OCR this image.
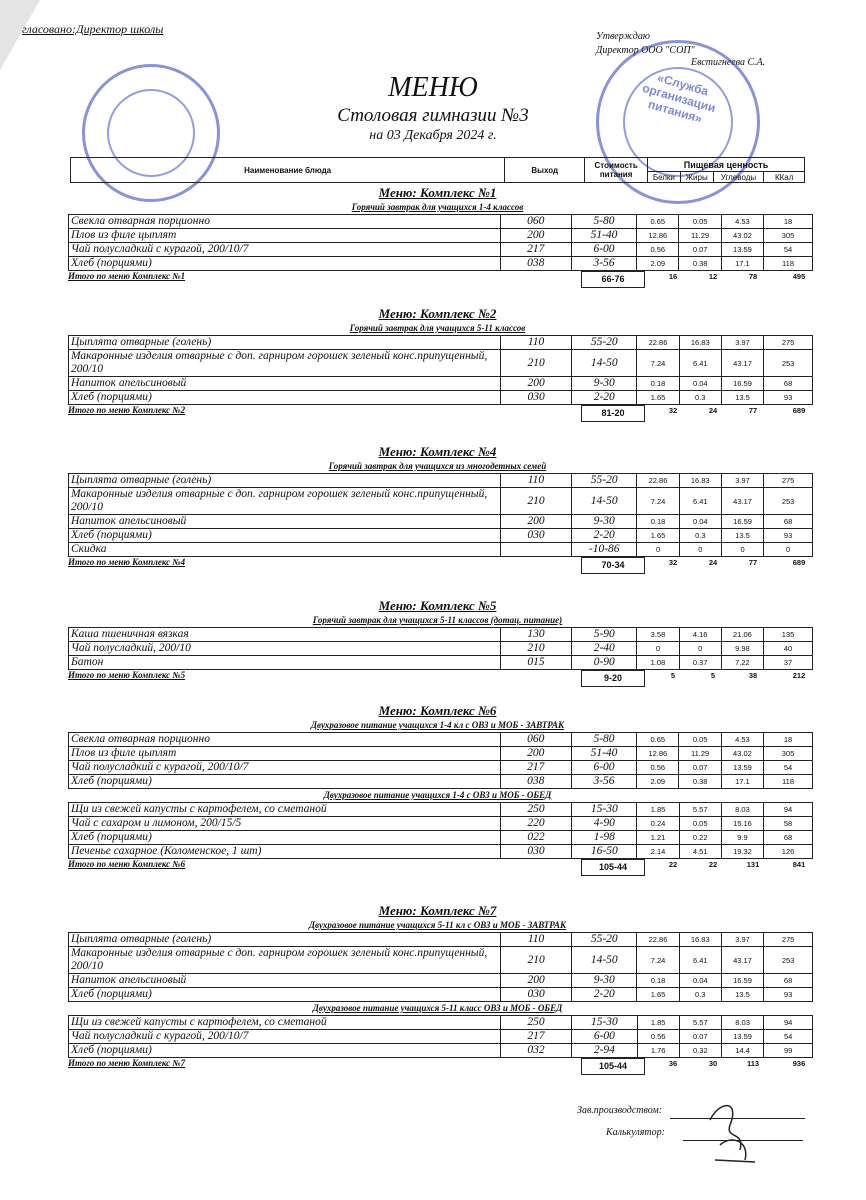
гласовано:Директор школы
Утверждаю
Директор ООО "СОП"
Евстигнеева С.А.
«Служба организации питания»
МЕНЮ
Столовая гимназии №3
на 03 Декабря 2024 г.
Наименование блюда	Выход	Стоимость питания	Пищевая ценность			
			Белки	Жиры	Углеводы	ККал
Меню: Комплекс №1
Горячий завтрак для учащихся 1-4 классов
Свекла отварная порционно	060	5-80	0.65	0.05	4.53	18
Плов из филе цыплят	200	51-40	12.86	11.29	43.02	305
Чай полусладкий с курагой, 200/10/7	217	6-00	0.56	0.07	13.59	54
Хлеб (порциями)	038	3-56	2.09	0.38	17.1	118
Итого по меню Комплекс №1	66-76	16	12	78	495
Меню: Комплекс №2
Горячий завтрак для учащихся 5-11 классов
Цыплята отварные (голень)	110	55-20	22.86	16.83	3.97	275
Макаронные изделия отварные с доп. гарниром горошек зеленый конс.припущенный, 200/10	210	14-50	7.24	6.41	43.17	253
Напиток апельсиновый	200	9-30	0.18	0.04	16.59	68
Хлеб (порциями)	030	2-20	1.65	0.3	13.5	93
Итого по меню Комплекс №2	81-20	32	24	77	689
Меню: Комплекс №4
Горячий завтрак для учащихся из многодетных семей
Цыплята отварные (голень)	110	55-20	22.86	16.83	3.97	275
Макаронные изделия отварные с доп. гарниром горошек зеленый конс.припущенный, 200/10	210	14-50	7.24	6.41	43.17	253
Напиток апельсиновый	200	9-30	0.18	0.04	16.59	68
Хлеб (порциями)	030	2-20	1.65	0.3	13.5	93
Скидка		-10-86	0	0	0	0
Итого по меню Комплекс №4	70-34	32	24	77	689
Меню: Комплекс №5
Горячий завтрак для учащихся 5-11 классов (дотац. питание)
Каша пшеничная вязкая	130	5-90	3.58	4.16	21.06	135
Чай полусладкий, 200/10	210	2-40	0	0	9.98	40
Батон	015	0-90	1.08	0.37	7.22	37
Итого по меню Комплекс №5	9-20	5	5	38	212
Меню: Комплекс №6
Двухразовое питание учащихся 1-4 кл с ОВЗ и МОБ - ЗАВТРАК
Свекла отварная порционно	060	5-80	0.65	0.05	4.53	18
Плов из филе цыплят	200	51-40	12.86	11.29	43.02	305
Чай полусладкий с курагой, 200/10/7	217	6-00	0.56	0.07	13.59	54
Хлеб (порциями)	038	3-56	2.09	0.38	17.1	118
Двухразовое питание учащихся 1-4 с ОВЗ и МОБ - ОБЕД
Щи из свежей капусты с картофелем, со сметаной	250	15-30	1.85	5.57	8.03	94
Чай с сахаром и лимоном, 200/15/5	220	4-90	0.24	0.05	15.16	58
Хлеб (порциями)	022	1-98	1.21	0.22	9.9	68
Печенье сахарное (Коломенское, 1 шт)	030	16-50	2.14	4.51	19.32	126
Итого по меню Комплекс №6	105-44	22	22	131	841
Меню: Комплекс №7
Двухразовое питание учащихся 5-11 кл с ОВЗ и МОБ - ЗАВТРАК
Цыплята отварные (голень)	110	55-20	22.86	16.83	3.97	275
Макаронные изделия отварные с доп. гарниром горошек зеленый конс.припущенный, 200/10	210	14-50	7.24	6.41	43.17	253
Напиток апельсиновый	200	9-30	0.18	0.04	16.59	68
Хлеб (порциями)	030	2-20	1.65	0.3	13.5	93
Двухразовое питание учащихся 5-11 класс ОВЗ и МОБ - ОБЕД
Щи из свежей капусты с картофелем, со сметаной	250	15-30	1.85	5.57	8.03	94
Чай полусладкий с курагой, 200/10/7	217	6-00	0.56	0.07	13.59	54
Хлеб (порциями)	032	2-94	1.76	0.32	14.4	99
Итого по меню Комплекс №7	105-44	36	30	113	936
Зав.производством:
Калькулятор:
